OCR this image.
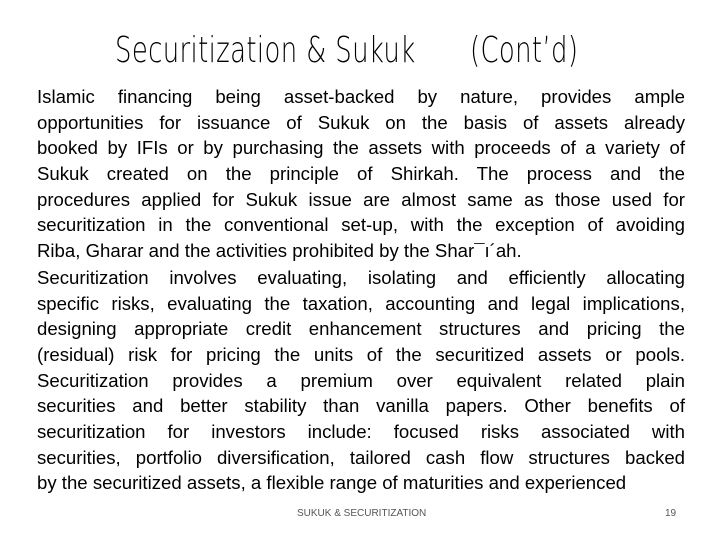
Securitization & Sukuk (Cont’d)
Islamic financing being asset-backed by nature, provides ample
opportunities for issuance of Sukuk on the basis of assets already
booked by IFIs or by purchasing the assets with proceeds of a variety of
Sukuk created on the principle of Shirkah. The process and the
procedures applied for Sukuk issue are almost same as those used for
securitization in the conventional set-up, with the exception of avoiding
Riba, Gharar and the activities prohibited by the Shar¯ı´ah.
Securitization involves evaluating, isolating and efficiently allocating
specific risks, evaluating the taxation, accounting and legal implications,
designing appropriate credit enhancement structures and pricing the
(residual) risk for pricing the units of the securitized assets or pools.
Securitization provides a premium over equivalent related plain
securities and better stability than vanilla papers. Other benefits of
securitization for investors include: focused risks associated with
securities, portfolio diversification, tailored cash flow structures backed
by the securitized assets, a flexible range of maturities and experienced
SUKUK & SECURITIZATION	19
